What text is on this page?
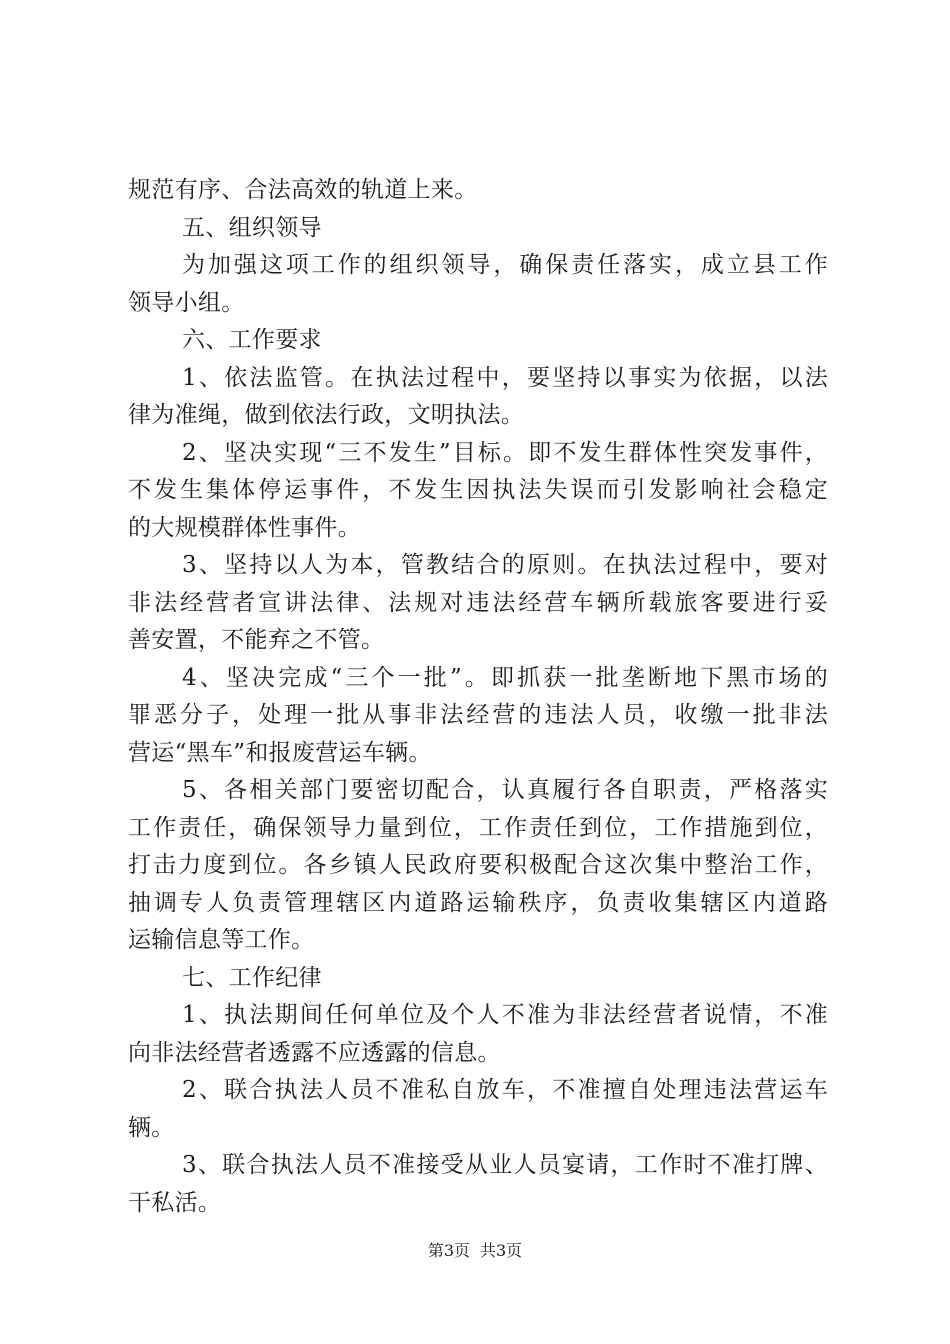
规范有序、合法高效的轨道上来。
五、组织领导
为加强这项工作的组织领导，确保责任落实，成立县工作
领导小组。
六、工作要求
1、依法监管。在执法过程中，要坚持以事实为依据，以法
律为准绳，做到依法行政，文明执法。
2、坚决实现“三不发生”目标。即不发生群体性突发事件，
不发生集体停运事件，不发生因执法失误而引发影响社会稳定
的大规模群体性事件。
3、坚持以人为本，管教结合的原则。在执法过程中，要对
非法经营者宣讲法律、法规对违法经营车辆所载旅客要进行妥
善安置，不能弃之不管。
4、坚决完成“三个一批”。即抓获一批垄断地下黑市场的
罪恶分子，处理一批从事非法经营的违法人员，收缴一批非法
营运“黑车”和报废营运车辆。
5、各相关部门要密切配合，认真履行各自职责，严格落实
工作责任，确保领导力量到位，工作责任到位，工作措施到位，
打击力度到位。各乡镇人民政府要积极配合这次集中整治工作，
抽调专人负责管理辖区内道路运输秩序，负责收集辖区内道路
运输信息等工作。
七、工作纪律
1、执法期间任何单位及个人不准为非法经营者说情，不准
向非法经营者透露不应透露的信息。
2、联合执法人员不准私自放车，不准擅自处理违法营运车
辆。
3、联合执法人员不准接受从业人员宴请，工作时不准打牌、
干私活。
第3页 共3页
